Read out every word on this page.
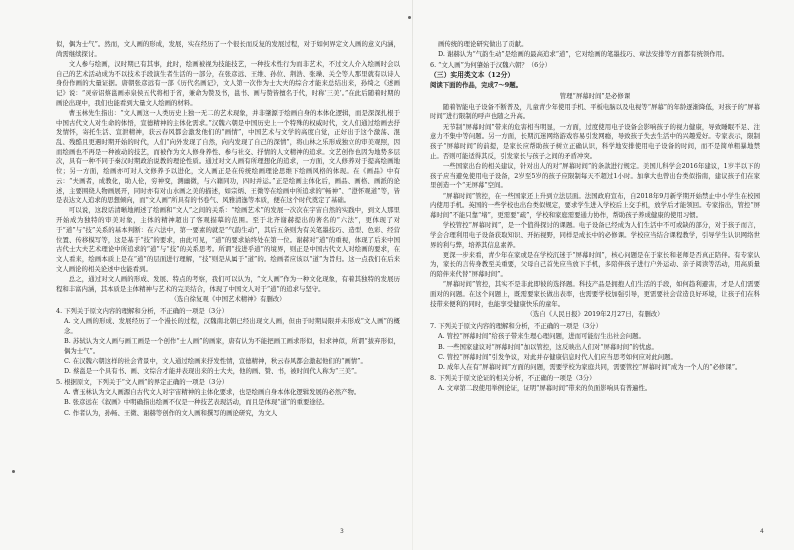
似，偶为士气”。然而，文人画的形成，发展，实在经历了一个很长而反复的发展过程，对于如何界定文人画的意义内涵，尚需继续探讨。

文人参与绘画，汉时期已有其事，此时，绘画被视为技能技艺，一种技术性行为而非艺术，不过文人介入绘画时会以自己的艺术活动成为不以技术手段演生者生活的一部分，在张彦远、王维、孙位、荆浩、张璪、关仝等人那里就有以诗人身份作画的大量证据。唐朝张彦远有一部《历代名画记》，文人第一次作为士大夫的综合才能来总结出来，孙绮之《述画记》说：“灵帝诏蔡邕画赤泉侯五代将相于省，兼命为赞及书，邕书、画与赞皆擅名于代，时称‘三美’。”在此后随着时期的画论出现中，我们也能看到大量文人绘画的材料。

曹玉林先生指出：“文人画这一人类历史上独一无二的艺术现象，并非肇源于绘画自身的本体化逻辑，而是深深扎根于中国古代文人对生命的体悟，宣德精神的主体化需求。”汉魏六朝是中国历史上一个特殊的权威时代，文人们通过绘画去抒发情怀，寄托生活、宣泄精神，获云春风都会激发他们的“画情”，中国艺术与文学的高度自觉，正好出于这个激荡、混乱、残酷且更遇时期开始的时代，人们“向外发现了自然，向内发现了自己的深情”，将山林之乐形成独立的审美观照，因而绘画也不再是一种被动的技艺，而被作为文人修身养性、参与社交、抒情的人文精神的追求。文艺创作也因为地势多层次，具有一种不同于秦汉时期政治说教的理论性质。通过对文人画有所理想化的追求，一方面，文人修养对于提高绘画地位；另一方面，绘画亦可对人文修养予以进化，文人画正是在传统绘画理论思维下绘画风格的体现。在《画品》中有云：“夫画者，成教化，助人伦，穷神变，测幽微，与六籍同功，四时并运。”正是绘画主体化后，画品、画格、画派的论述，主要围绕人物画展开，同时亦有对山水画之美的描述，如宗炳、王微等在绘画中所追求的“畅神”、“澄怀观道”等，皆是表达文人追求的思想倾向，而“文人画”所具有的书卷气、风雅清逸等本质，便在这个时代奠定了基础。

可以说，这段话清晰地阐述了绘画和“文人”之间的关系：“绘画艺术”的发展一次次在宇宙自然的实践中，到文人那里开始成为独特的审美对象，主体的精神超出了客观描摹的范围。至于北齐谢赫提出的著名的“六法”，更体现了对于“道”与“技”关系的基本判断：在六法中，第一要素的就是“气韵生动”，其后五条则为有关笔墨技巧、造型、色彩、经营位置、传移模写等，这是基于“技”的要求，由此可见，“道”的要求始终处在第一位。谢赫对“道”的重视，体现了后来中国古代士大夫艺术理论中所追求的“道”与“技”的关系思考。所谓“技进乎道”的境界，则正是中国古代文人对绘画的要求，在文人看来，绘画本质上是在“道”的层面进行理解，“技”则是从属于“道”的。绘画者应该以“道”为旨归。这一点我们在后来文人画论的相关论述中也能看到。

总之，通过对文人画的形成、发展、特点的考察，我们可以认为，“文人画”作为一种文化现象，有着其独特的发展历程和丰富内涵，其本质是主体精神与艺术的完美结合，体现了中国文人对于“道”的追求与坚守。

（选自徐复观《中国艺术精神》有删改）

4. 下列关于原文内容的理解和分析，不正确的一项是（3分）

A. 文人画的形成、发展经历了一个漫长的过程，汉魏南北朝已经出现文人画，但由于时期局限并未形成“文人画”的概念。

B. 苏轼认为文人画与画工画是一个创作“士人画”的画家，唐有认为不能把画工画求形似，但求神似，所谓“拔弃形似，偶为士气”。

C. 在汉魏六朝这样的社会背景中，文人通过绘画来抒发性情，宣德精神，秋云春风都会激起他们的“画情”。

D. 蔡邕是一个具有书、画、文综合才能并表现出来的士大夫，他的画、赞、书，被时间代人称为“三美”。

5. 根据原文，下列关于“文人画”的界定正确的一项是（3分）

A. 曹玉林认为文人画源自古代文人对宇宙精神的主体化要求，也是绘画自身本体化逻辑发展的必然产物。

B. 张彦远在《叙画》中明确指出绘画不仅是一种技艺表现活动，而且是体现“道”的重要途径。

C. 作者认为，孙畅、王微、谢赫等创作的文人画和撰写的画论研究，为文人

画传统的理论研究做出了贡献。

D. 谢赫认为“气韵生动”是绘画的最高追求“道”，它对绘画的笔墨技巧、章法安排等方面都有统领作用。

6. “文人画”为何肇始于汉魏六朝？（6分）

（三）实用类文本（12分）

阅读下面的作品，完成7～9题。

管理“屏幕时间”是必修课

随着智能电子设备不断普及，儿童青少年使用手机、平板电脑以及电视等“屏幕”的年龄逐渐降低，对孩子的“屏幕时间”进行限制的呼声也随之升高。

无节制“屏幕时间”带来的危害相当明显，一方面，过度使用电子设备会影响孩子的视力健康，导致睡眠不足、注意力不集中等问题。另一方面，长期沉迷网络游戏容易引发网瘾，导致孩子失去生活中的兴趣爱好。专家表示，限制孩子“屏幕时间”的前提，是家长应帮助孩子树立正确认识，科学地安排使用电子设备的时间，而不是简单粗暴地禁止。否则可能适得其反，引发家长与孩子之间的矛盾冲突。

一些国家出台的相关建议，针对出人的对“屏幕时间”的条款进行规定。美国儿科学会2016年建议，1岁半以下的孩子应当避免使用电子设备，2岁至5岁的孩子应限制每天不超过1小时。加拿大也曾出台类似指南，建议孩子们在家里创造一个“无屏幕”空间。

“屏幕时间”管控，在一些国家还上升到立法层面。法国政府宣布，自2018年9月新学期开始禁止中小学生在校园内使用手机。英国的一些学校也出台类似规定，要求学生进入学校后上交手机，放学后才能领回。专家指出，管控“屏幕时间”不能只靠“堵”，更需要“疏”，学校和家庭需要通力协作，帮助孩子养成健康的使用习惯。

学校管控“屏幕时间”，是一个值得探讨的课题。电子设备已经成为人们生活中不可或缺的部分，对于孩子而言，学会合理利用电子设备获取知识、开拓视野，同样是成长中的必修课。学校应当结合课程教学，引导学生认识网络世界的利与弊，培养其信息素养。

更深一步来看，青少年在家或是在学校沉迷于“屏幕时间”，核心问题是在于家长和老师是否真正陪伴。有专家认为，家长的言传身教至关重要，父母自己首先应当放下手机，多陪伴孩子进行户外运动、亲子阅读等活动，用高质量的陪伴来代替“屏幕时间”。

“屏幕时间”管控，其实不是非此即彼的选择题。科技产品是拥抱人们生活的手段，如何趋利避害，才是人们需要面对的问题。在这个问题上，既需要家长做出表率，也需要学校加强引导，更需要社会营造良好环境，让孩子们在科技带来便利的同时，也能享受健康快乐的童年。

（选自《人民日报》2019年2月27日，有删改）

7. 下列关于原文内容的理解和分析，不正确的一项是（3分）

A. 管控“屏幕时间”给孩子带来生理心理问题，进而可能衍生出社会问题。

B. 一些国家建议对“屏幕时间”加以管控，这反映出人们对“屏幕时间”的忧虑。

C. 管控“屏幕时间”引发争议，对此并存健康信息时代人们应当思考如何应对此问题。

D. 成年人在有“屏幕时间”方面的问题，需要学校为家庭共同，需要管控“屏幕时间”成为一个人的“必修课”。

8. 下列关于原文论证的相关分析，不正确的一项是（3分）

A. 文章第二段使用举例论证，证明“屏幕时间”带来的负面影响具有普遍性。

3	4
